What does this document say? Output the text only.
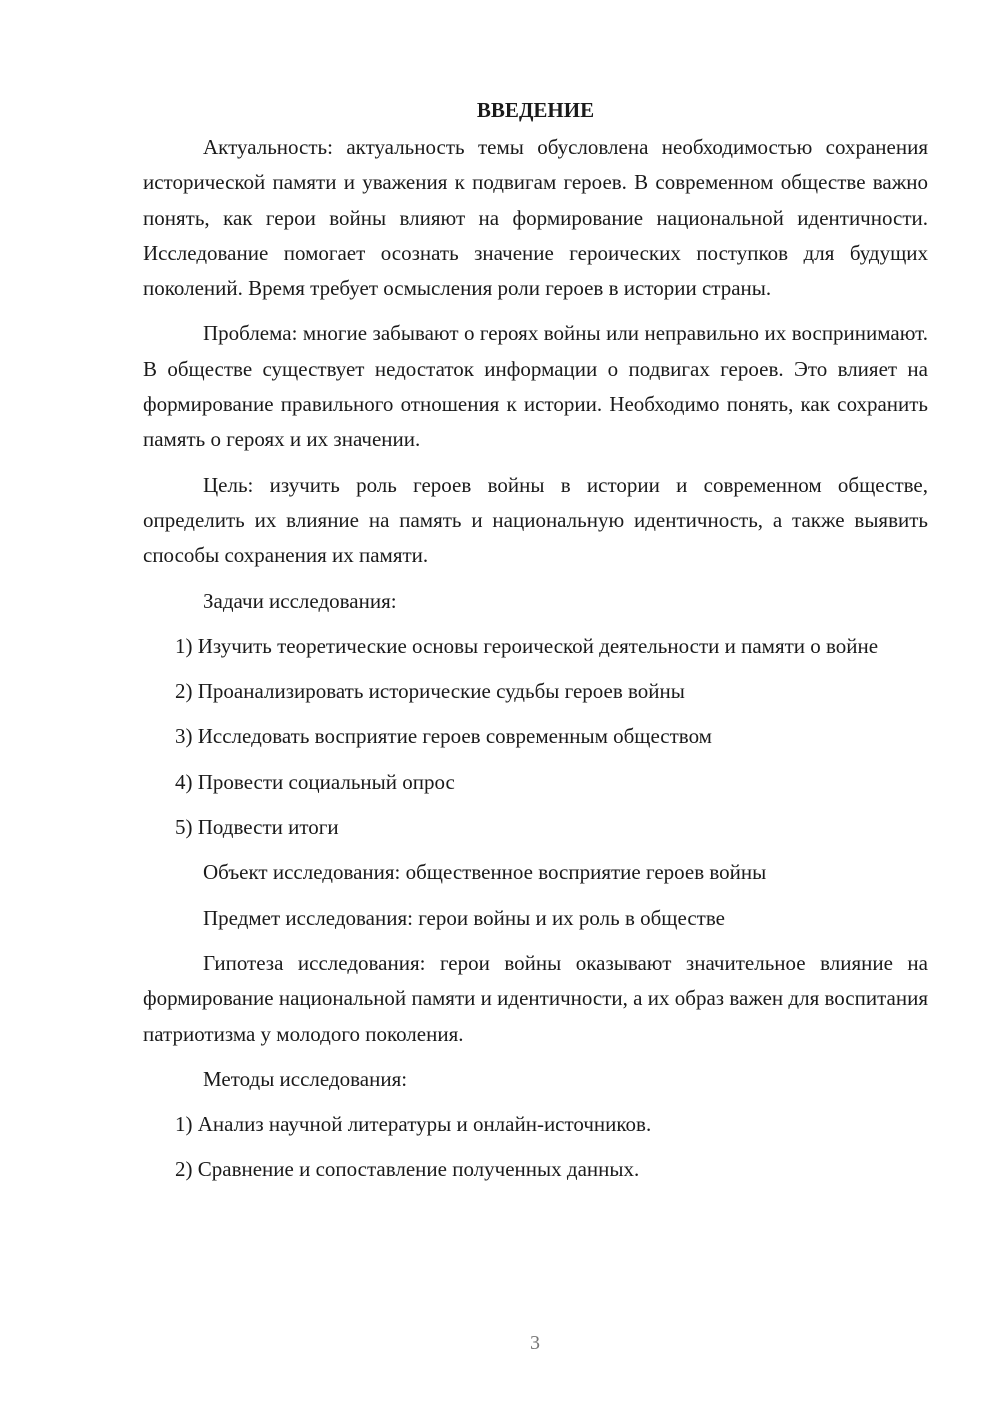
ВВЕДЕНИЕ

Актуальность: актуальность темы обусловлена необходимостью сохранения исторической памяти и уважения к подвигам героев. В современном обществе важно понять, как герои войны влияют на формирование национальной идентичности. Исследование помогает осознать значение героических поступков для будущих поколений. Время требует осмысления роли героев в истории страны.

Проблема: многие забывают о героях войны или неправильно их воспринимают. В обществе существует недостаток информации о подвигах героев. Это влияет на формирование правильного отношения к истории. Необходимо понять, как сохранить память о героях и их значении.

Цель: изучить роль героев войны в истории и современном обществе, определить их влияние на память и национальную идентичность, а также выявить способы сохранения их памяти.

Задачи исследования:
1) Изучить теоретические основы героической деятельности и памяти о войне
2) Проанализировать исторические судьбы героев войны
3) Исследовать восприятие героев современным обществом
4) Провести социальный опрос
5) Подвести итоги
Объект исследования: общественное восприятие героев войны
Предмет исследования: герои войны и их роль в обществе

Гипотеза исследования: герои войны оказывают значительное влияние на формирование национальной памяти и идентичности, а их образ важен для воспитания патриотизма у молодого поколения.

Методы исследования:
1) Анализ научной литературы и онлайн-источников.
2) Сравнение и сопоставление полученных данных.
3
